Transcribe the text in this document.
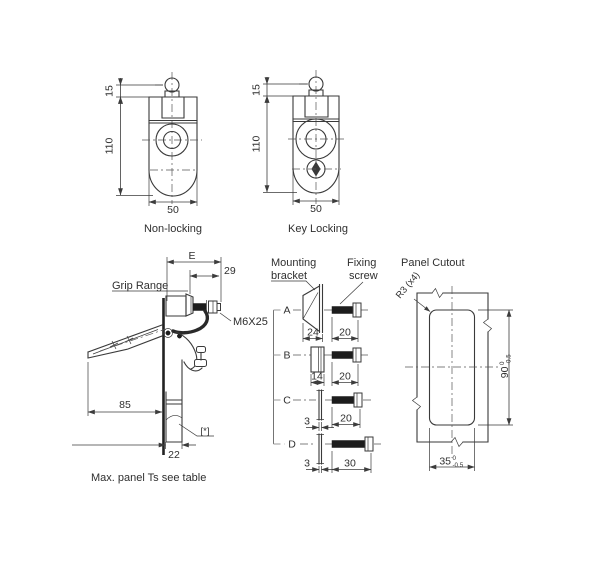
15
110
50
Non-locking
15
110
50
Key Locking
Grip Range
E
29
M6X25
85
22
[*]
Max. panel Ts see table
Mounting
bracket
Fixing
screw
A
24 20
B
14 20
C
3	20
D
3	30
Panel Cutout
R3 (x4)
90
0 -0.5
35 0
-0.5
